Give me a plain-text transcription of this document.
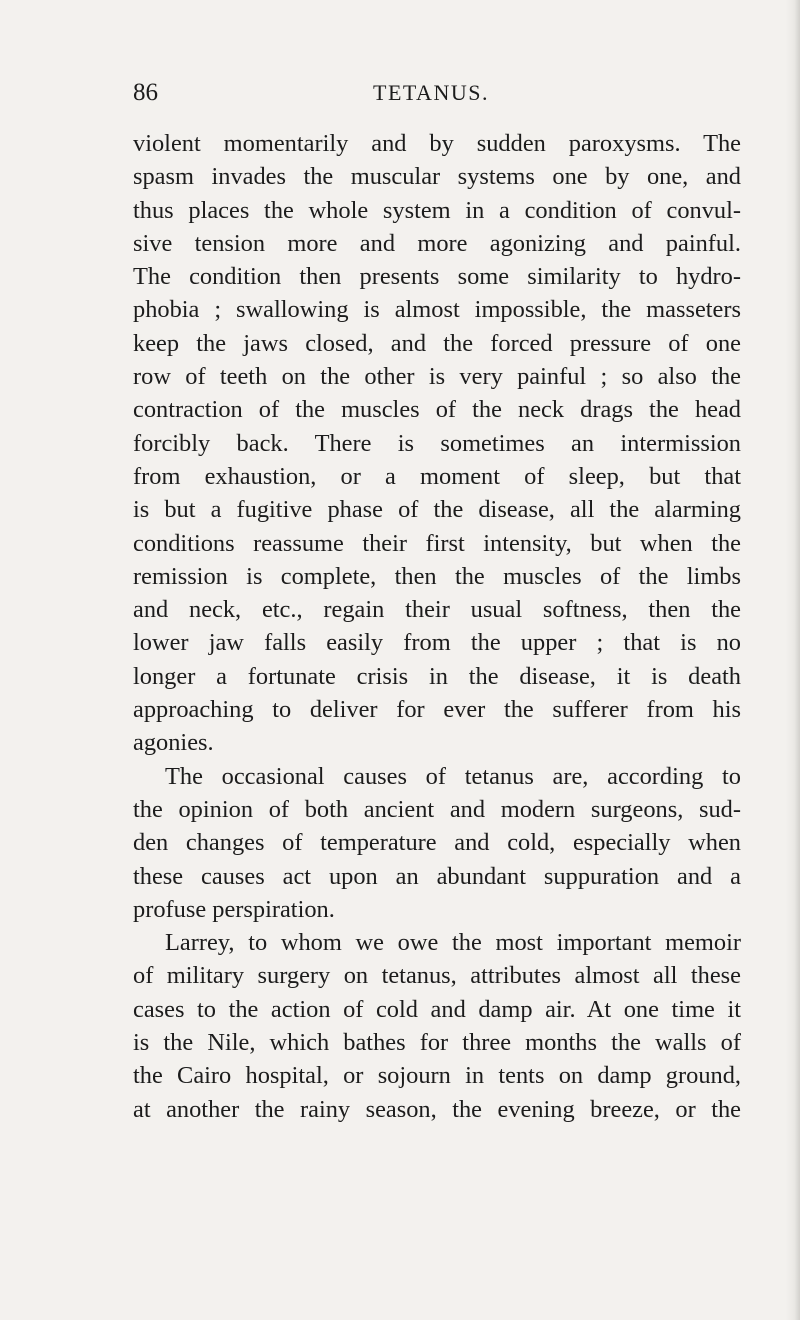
86	TETANUS.
violent momentarily and by sudden paroxysms. The
spasm invades the muscular systems one by one, and
thus places the whole system in a condition of convul-
sive tension more and more agonizing and painful.
The condition then presents some similarity to hydro-
phobia ; swallowing is almost impossible, the masseters
keep the jaws closed, and the forced pressure of one
row of teeth on the other is very painful ; so also the
contraction of the muscles of the neck drags the head
forcibly back. There is sometimes an intermission
from exhaustion, or a moment of sleep, but that
is but a fugitive phase of the disease, all the alarming
conditions reassume their first intensity, but when the
remission is complete, then the muscles of the limbs
and neck, etc., regain their usual softness, then the
lower jaw falls easily from the upper ; that is no
longer a fortunate crisis in the disease, it is death
approaching to deliver for ever the sufferer from his
agonies.
The occasional causes of tetanus are, according to
the opinion of both ancient and modern surgeons, sud-
den changes of temperature and cold, especially when
these causes act upon an abundant suppuration and a
profuse perspiration.
Larrey, to whom we owe the most important memoir
of military surgery on tetanus, attributes almost all these
cases to the action of cold and damp air. At one time it
is the Nile, which bathes for three months the walls of
the Cairo hospital, or sojourn in tents on damp ground,
at another the rainy season, the evening breeze, or the
